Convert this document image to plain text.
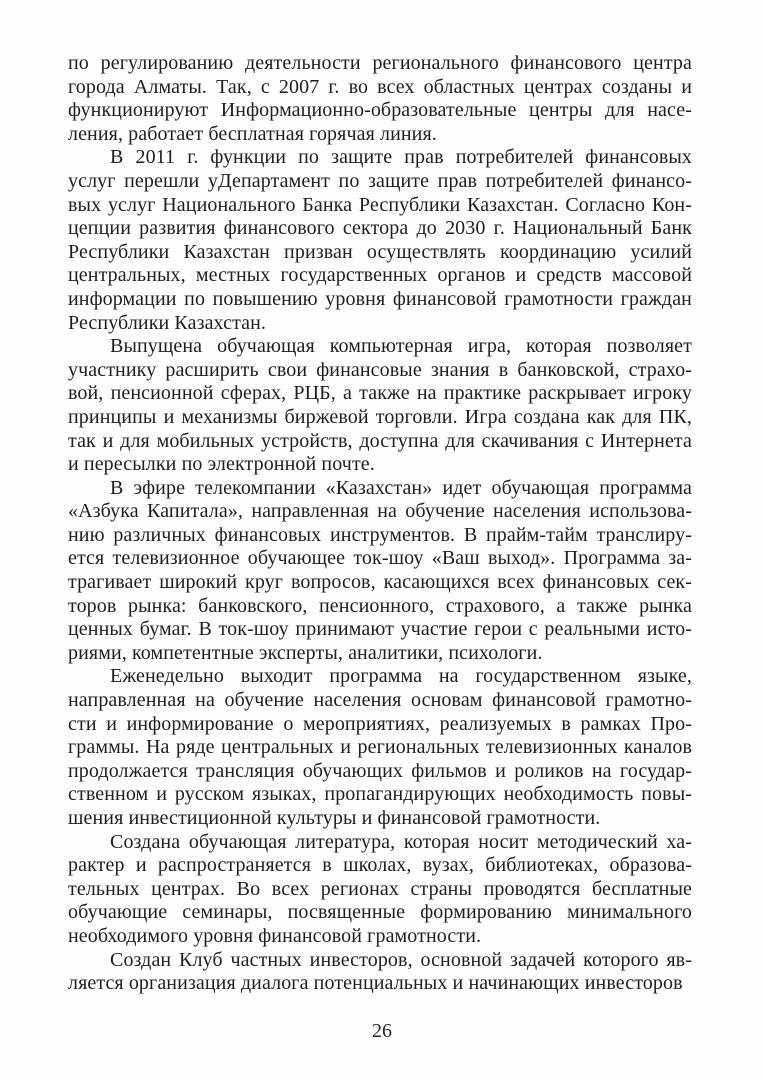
по регулированию деятельности регионального финансового центра
города Алматы. Так, с 2007 г. во всех областных центрах созданы и
функционируют Информационно-образовательные центры для насе-
ления, работает бесплатная горячая линия.
В 2011 г. функции по защите прав потребителей финансовых
услуг перешли уДепартамент по защите прав потребителей финансо-
вых услуг Национального Банка Республики Казахстан. Согласно Кон-
цепции развития финансового сектора до 2030 г. Национальный Банк
Республики Казахстан призван осуществлять координацию усилий
центральных, местных государственных органов и средств массовой
информации по повышению уровня финансовой грамотности граждан
Республики Казахстан.
Выпущена обучающая компьютерная игра, которая позволяет
участнику расширить свои финансовые знания в банковской, страхо-
вой, пенсионной сферах, РЦБ, а также на практике раскрывает игроку
принципы и механизмы биржевой торговли. Игра создана как для ПК,
так и для мобильных устройств, доступна для скачивания с Интернета
и пересылки по электронной почте.
В эфире телекомпании «Казахстан» идет обучающая программа
«Азбука Капитала», направленная на обучение населения использова-
нию различных финансовых инструментов. В прайм-тайм транслиру-
ется телевизионное обучающее ток-шоу «Ваш выход». Программа за-
трагивает широкий круг вопросов, касающихся всех финансовых сек-
торов рынка: банковского, пенсионного, страхового, а также рынка
ценных бумаг. В ток-шоу принимают участие герои с реальными исто-
риями, компетентные эксперты, аналитики, психологи.
Еженедельно выходит программа на государственном языке,
направленная на обучение населения основам финансовой грамотно-
сти и информирование о мероприятиях, реализуемых в рамках Про-
граммы. На ряде центральных и региональных телевизионных каналов
продолжается трансляция обучающих фильмов и роликов на государ-
ственном и русском языках, пропагандирующих необходимость повы-
шения инвестиционной культуры и финансовой грамотности.
Создана обучающая литература, которая носит методический ха-
рактер и распространяется в школах, вузах, библиотеках, образова-
тельных центрах. Во всех регионах страны проводятся бесплатные
обучающие семинары, посвященные формированию минимального
необходимого уровня финансовой грамотности.
Создан Клуб частных инвесторов, основной задачей которого яв-
ляется организация диалога потенциальных и начинающих инвесторов
26
